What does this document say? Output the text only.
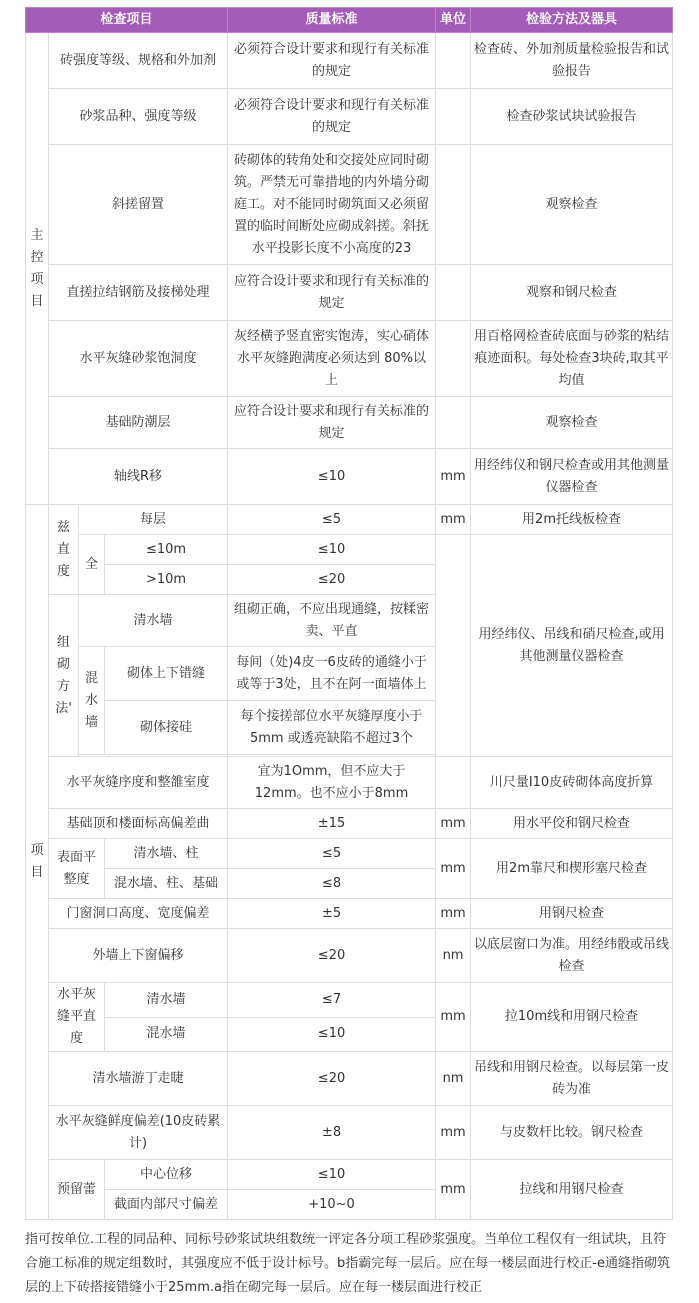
检查项目				质量标准	单位	检验方法及器具
主控项目	砖强度等级、规格和外加剂			必须符合设计要求和现行有关标准的规定		检查砖、外加剂质量检验报告和试验报告
	砂浆品种、强度等级			必须符合设计要求和现行有关标准的规定		检查砂浆试块试验报告
	斜搓留置			砖砌体的转角处和交接处应同时砌筑。严禁无可靠措地的内外墙分砌庭工。对不能同时砌筑面又必须留置的临时间断处应砌成斜搓。斜抚水平投影长度不小高度的23		观察检查
	直搓拉结钢筋及接梯处理			应符合设计要求和现行有关标准的规定		观察和钢尺检查
	水平灰缝砂浆饱洞度			灰经横予竖直密实饱涛，实心硝体水平灰缝跑满度必须达到 80%以上		用百格网检查砖底面与砂浆的粘结痕迹面积。每处检查3块砖,取其平均值
	基础防潮层			应符合设计要求和现行有关标准的规定		观察检查
	轴线R移			≤10	mm	用经纬仪和钢尺检查或用其他测量仪器检查
项目	兹直度	每层		≤5	mm	用2m托线板检查
		全	≤10m	≤10		用经纬仪、吊线和硝尺检查,或用其他测量仪器检查
			>10m	≤20		
	组砌方法'	清水墙		组砌正确，不应出现通缝，按糅密卖、平直		
		混水墙	砌体上下错缝	每间（处)4皮一6皮砖的通缝小于或等于3处，且不在阿一面墙体上		
			砌体接硅	每个接搓部位水平灰缝厚度小于5mm 或透亮缺陷不超过3个		

	水平灰缝序度和整雒室度			宜为1Omm，但不应大于12mm。也不应小于8mm		川尺量I10皮砖砌体高度折算
	基础顶和楼面标高偏差曲			±15	mm	用水平佼和钢尺检查
	表面平整度		清水墙、柱	≤5	mm	用2m靠尺和楔形塞尺检查
			混水墙、柱、基础	≤8		
	门窗洞口高度、宽度偏差			±5	mm	用钢尺检查
	外墙上下窗偏移			≤20	nm	以底层窗口为准。用经纬骰或吊线检查
	水平灰缝平直度		清水墙	≤7	mm	拉10m线和用钢尺检查
			混水墙	≤10		
	清水墙游丁走睫			≤20	nm	吊线和用钢尺检查。以每层第一皮砖为准
	水平灰缝鲜度偏差(10皮砖累计)			±8	mm	与皮数杆比较。钢尺检查
	预留蕾		中心位移	≤10	mm	拉线和用钢尺检查
			截面内部尺寸偏差	+10~0		
指可按单位.工程的同品种、同标号砂浆试块组数统一评定各分项工程砂浆强度。当单位工程仅有一组试块，且符合施工标准的规定组数时，其强度应不低于设计标号。b指霸完每一层后。应在每一楼层面进行校正-e通缝指砌筑层的上下砖搭接错缝小于25mm.a指在砌完每一层后。应在每一楼层面进行校正
